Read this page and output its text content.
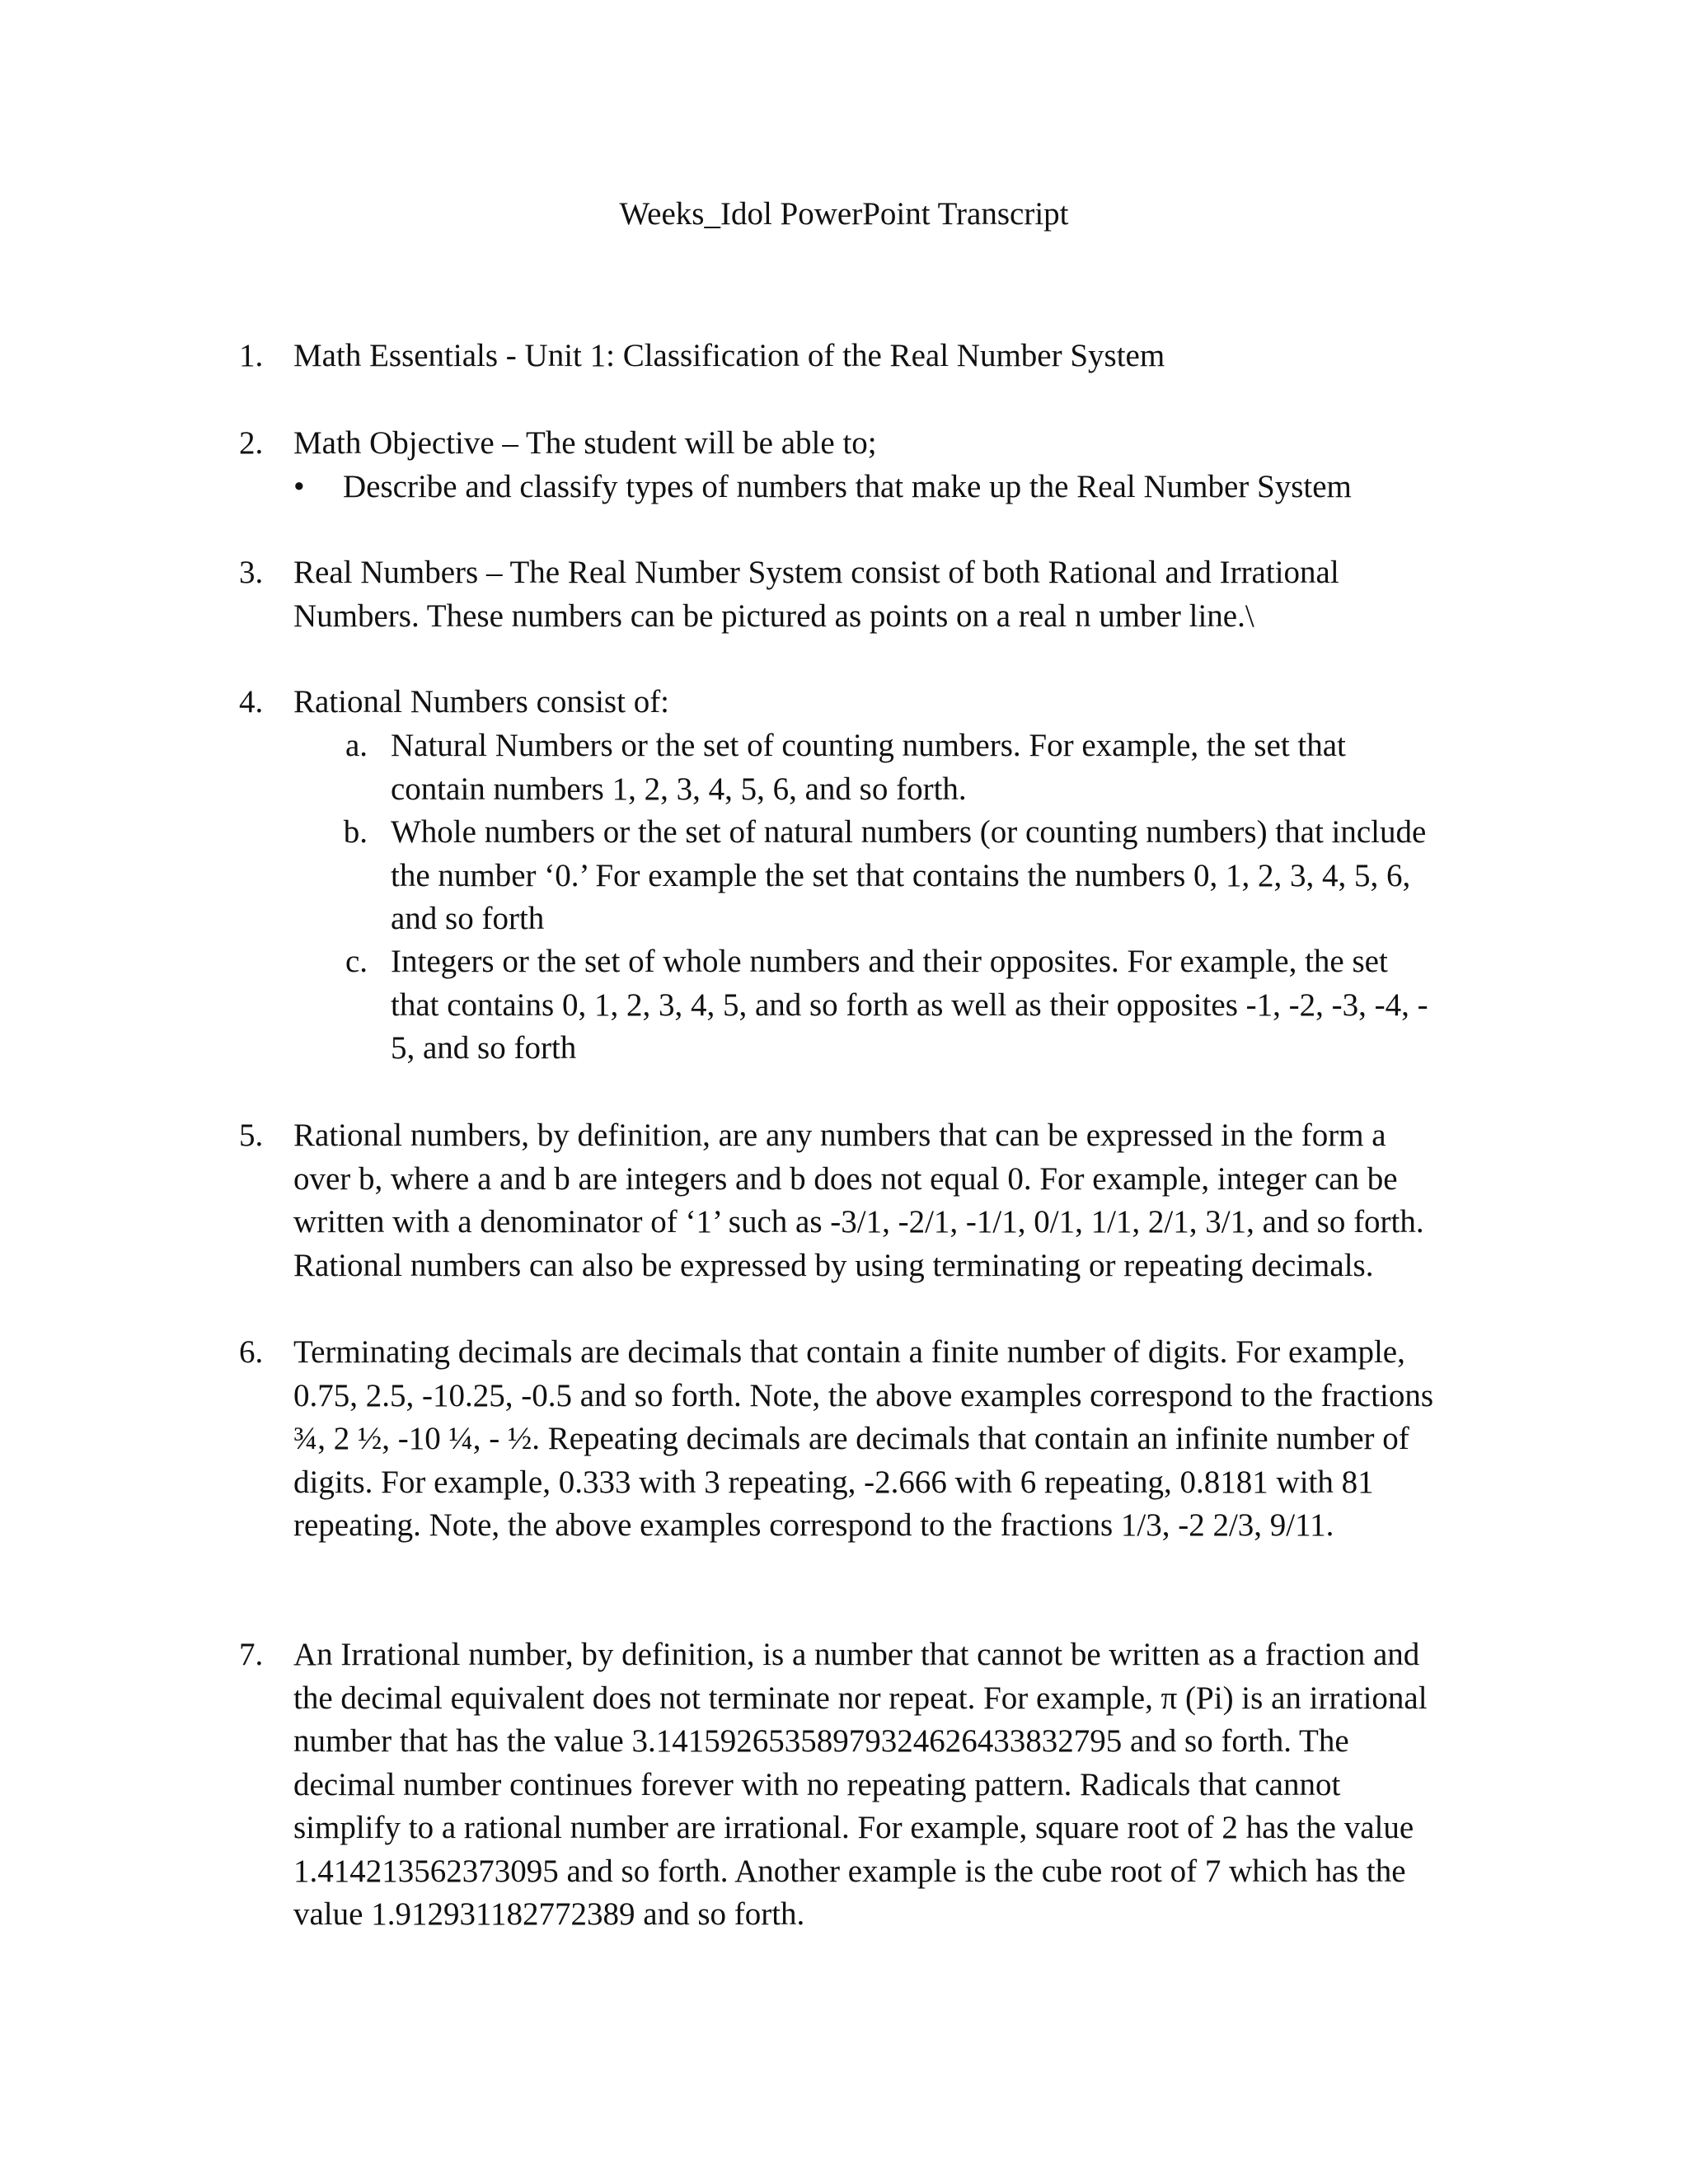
Weeks_Idol PowerPoint Transcript
1. Math Essentials - Unit 1: Classification of the Real Number System
2. Math Objective – The student will be able to;
•	Describe and classify types of numbers that make up the Real Number System
3. Real Numbers – The Real Number System consist of both Rational and Irrational
Numbers. These numbers can be pictured as points on a real n umber line.\
4. Rational Numbers consist of:
a. Natural Numbers or the set of counting numbers. For example, the set that
contain numbers 1, 2, 3, 4, 5, 6, and so forth.
b. Whole numbers or the set of natural numbers (or counting numbers) that include
the number ‘0.’ For example the set that contains the numbers 0, 1, 2, 3, 4, 5, 6,
and so forth
c. Integers or the set of whole numbers and their opposites. For example, the set
that contains 0, 1, 2, 3, 4, 5, and so forth as well as their opposites -1, -2, -3, -4, -
5, and so forth
5. Rational numbers, by definition, are any numbers that can be expressed in the form a
over b, where a and b are integers and b does not equal 0. For example, integer can be
written with a denominator of ‘1’ such as -3/1, -2/1, -1/1, 0/1, 1/1, 2/1, 3/1, and so forth.
Rational numbers can also be expressed by using terminating or repeating decimals.
6. Terminating decimals are decimals that contain a finite number of digits. For example,
0.75, 2.5, -10.25, -0.5 and so forth. Note, the above examples correspond to the fractions
¾, 2 ½, -10 ¼, - ½. Repeating decimals are decimals that contain an infinite number of
digits. For example, 0.333 with 3 repeating, -2.666 with 6 repeating, 0.8181 with 81
repeating. Note, the above examples correspond to the fractions 1/3, -2 2/3, 9/11.
7. An Irrational number, by definition, is a number that cannot be written as a fraction and
the decimal equivalent does not terminate nor repeat. For example, π (Pi) is an irrational
number that has the value 3.14159265358979324626433832795 and so forth. The
decimal number continues forever with no repeating pattern. Radicals that cannot
simplify to a rational number are irrational. For example, square root of 2 has the value
1.414213562373095 and so forth. Another example is the cube root of 7 which has the
value 1.912931182772389 and so forth.
